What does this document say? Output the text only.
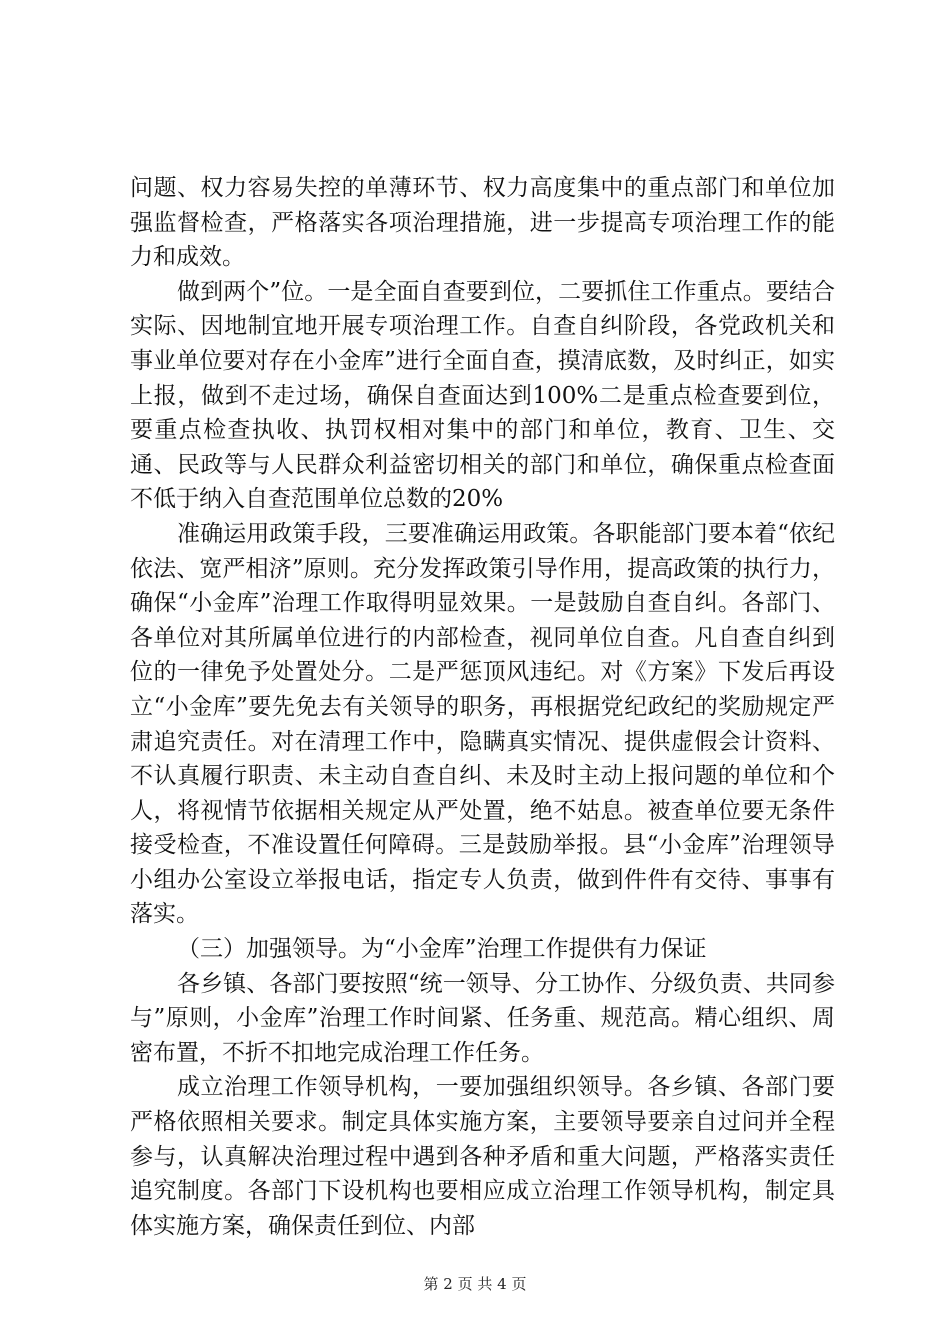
问题、权力容易失控的单薄环节、权力高度集中的重点部门和单位加强监督检查，严格落实各项治理措施，进一步提高专项治理工作的能力和成效。

做到两个”位。一是全面自查要到位，二要抓住工作重点。要结合实际、因地制宜地开展专项治理工作。自查自纠阶段，各党政机关和事业单位要对存在小金库”进行全面自查，摸清底数，及时纠正，如实上报，做到不走过场，确保自查面达到100%二是重点检查要到位，要重点检查执收、执罚权相对集中的部门和单位，教育、卫生、交通、民政等与人民群众利益密切相关的部门和单位，确保重点检查面不低于纳入自查范围单位总数的20%

准确运用政策手段，三要准确运用政策。各职能部门要本着“依纪依法、宽严相济”原则。充分发挥政策引导作用，提高政策的执行力，确保“小金库”治理工作取得明显效果。一是鼓励自查自纠。各部门、各单位对其所属单位进行的内部检查，视同单位自查。凡自查自纠到位的一律免予处置处分。二是严惩顶风违纪。对《方案》下发后再设立“小金库”要先免去有关领导的职务，再根据党纪政纪的奖励规定严肃追究责任。对在清理工作中，隐瞒真实情况、提供虚假会计资料、不认真履行职责、未主动自查自纠、未及时主动上报问题的单位和个人，将视情节依据相关规定从严处置，绝不姑息。被查单位要无条件接受检查，不准设置任何障碍。三是鼓励举报。县“小金库”治理领导小组办公室设立举报电话，指定专人负责，做到件件有交待、事事有落实。

（三）加强领导。为“小金库”治理工作提供有力保证

各乡镇、各部门要按照“统一领导、分工协作、分级负责、共同参与”原则，小金库”治理工作时间紧、任务重、规范高。精心组织、周密布置，不折不扣地完成治理工作任务。

成立治理工作领导机构，一要加强组织领导。各乡镇、各部门要严格依照相关要求。制定具体实施方案，主要领导要亲自过问并全程参与，认真解决治理过程中遇到各种矛盾和重大问题，严格落实责任追究制度。各部门下设机构也要相应成立治理工作领导机构，制定具体实施方案，确保责任到位、内部

第 2 页 共 4 页
